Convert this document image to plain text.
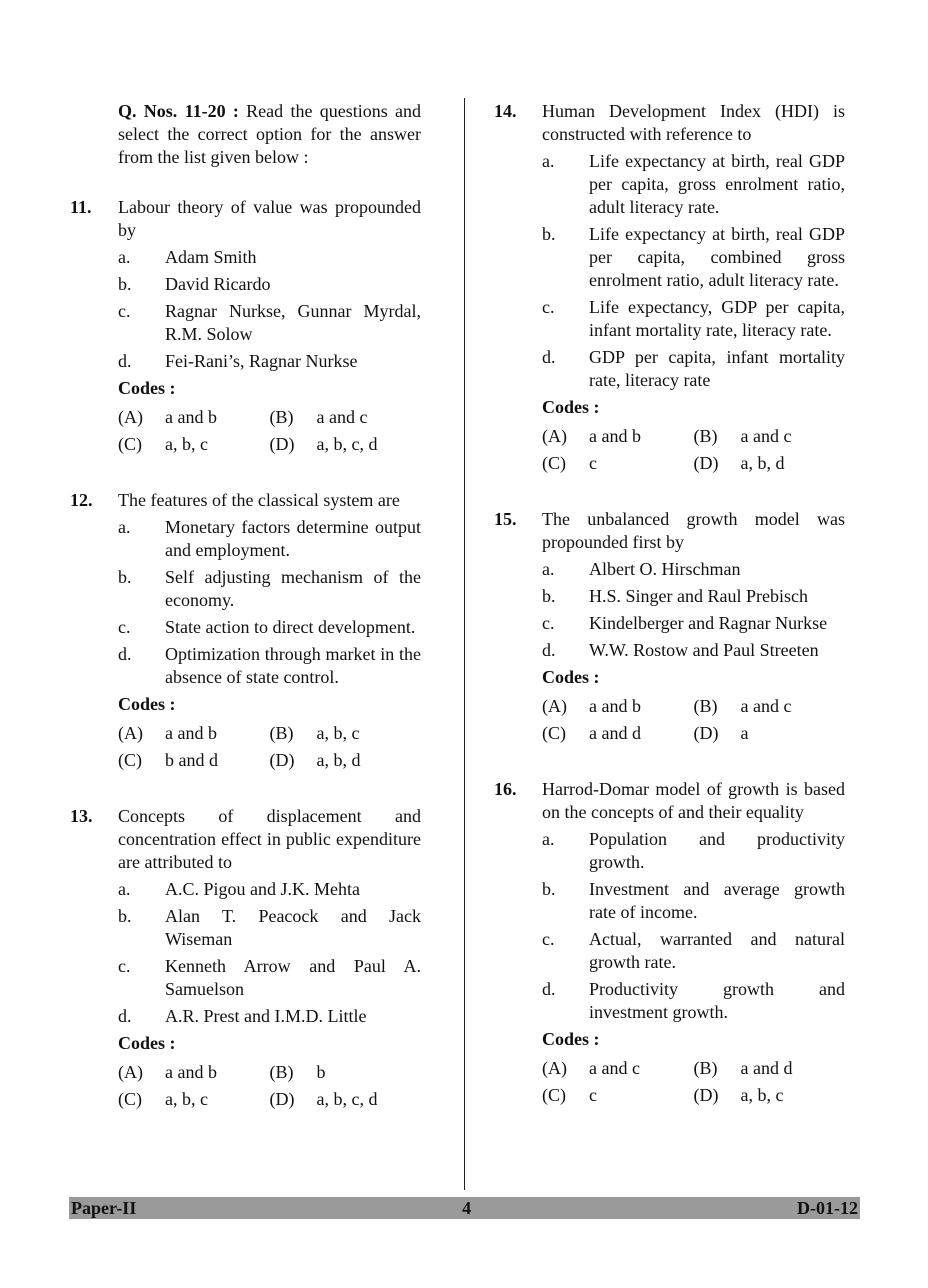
Q. Nos. 11-20 : Read the questions and select the correct option for the answer from the list given below :
11. Labour theory of value was propounded by
a. Adam Smith
b. David Ricardo
c. Ragnar Nurkse, Gunnar Myrdal, R.M. Solow
d. Fei-Rani’s, Ragnar Nurkse
Codes :
(A)	a and b	(B)	a and c
(C)	a, b, c	(D)	a, b, c, d
12. The features of the classical system are
a. Monetary factors determine output and employment.
b. Self adjusting mechanism of the economy.
c. State action to direct development.
d. Optimization through market in the absence of state control.
Codes :
(A)	a and b	(B)	a, b, c
(C)	b and d	(D)	a, b, d
13. Concepts of displacement and concentration effect in public expenditure are attributed to
a. A.C. Pigou and J.K. Mehta
b. Alan T. Peacock and Jack Wiseman
c. Kenneth Arrow and Paul A. Samuelson
d. A.R. Prest and I.M.D. Little
Codes :
(A)	a and b	(B)	b
(C)	a, b, c	(D)	a, b, c, d
14. Human Development Index (HDI) is constructed with reference to
a. Life expectancy at birth, real GDP per capita, gross enrolment ratio, adult literacy rate.
b. Life expectancy at birth, real GDP per capita, combined gross enrolment ratio, adult literacy rate.
c. Life expectancy, GDP per capita, infant mortality rate, literacy rate.
d. GDP per capita, infant mortality rate, literacy rate
Codes :
(A)	a and b	(B)	a and c
(C)	c	(D)	a, b, d
15. The unbalanced growth model was propounded first by
a. Albert O. Hirschman
b. H.S. Singer and Raul Prebisch
c. Kindelberger and Ragnar Nurkse
d. W.W. Rostow and Paul Streeten
Codes :
(A)	a and b	(B)	a and c
(C)	a and d	(D)	a
16. Harrod-Domar model of growth is based on the concepts of and their equality
a. Population and productivity growth.
b. Investment and average growth rate of income.
c. Actual, warranted and natural growth rate.
d. Productivity growth and investment growth.
Codes :
(A)	a and c	(B)	a and d
(C)	c	(D)	a, b, c
Paper-II	4	D-01-12
